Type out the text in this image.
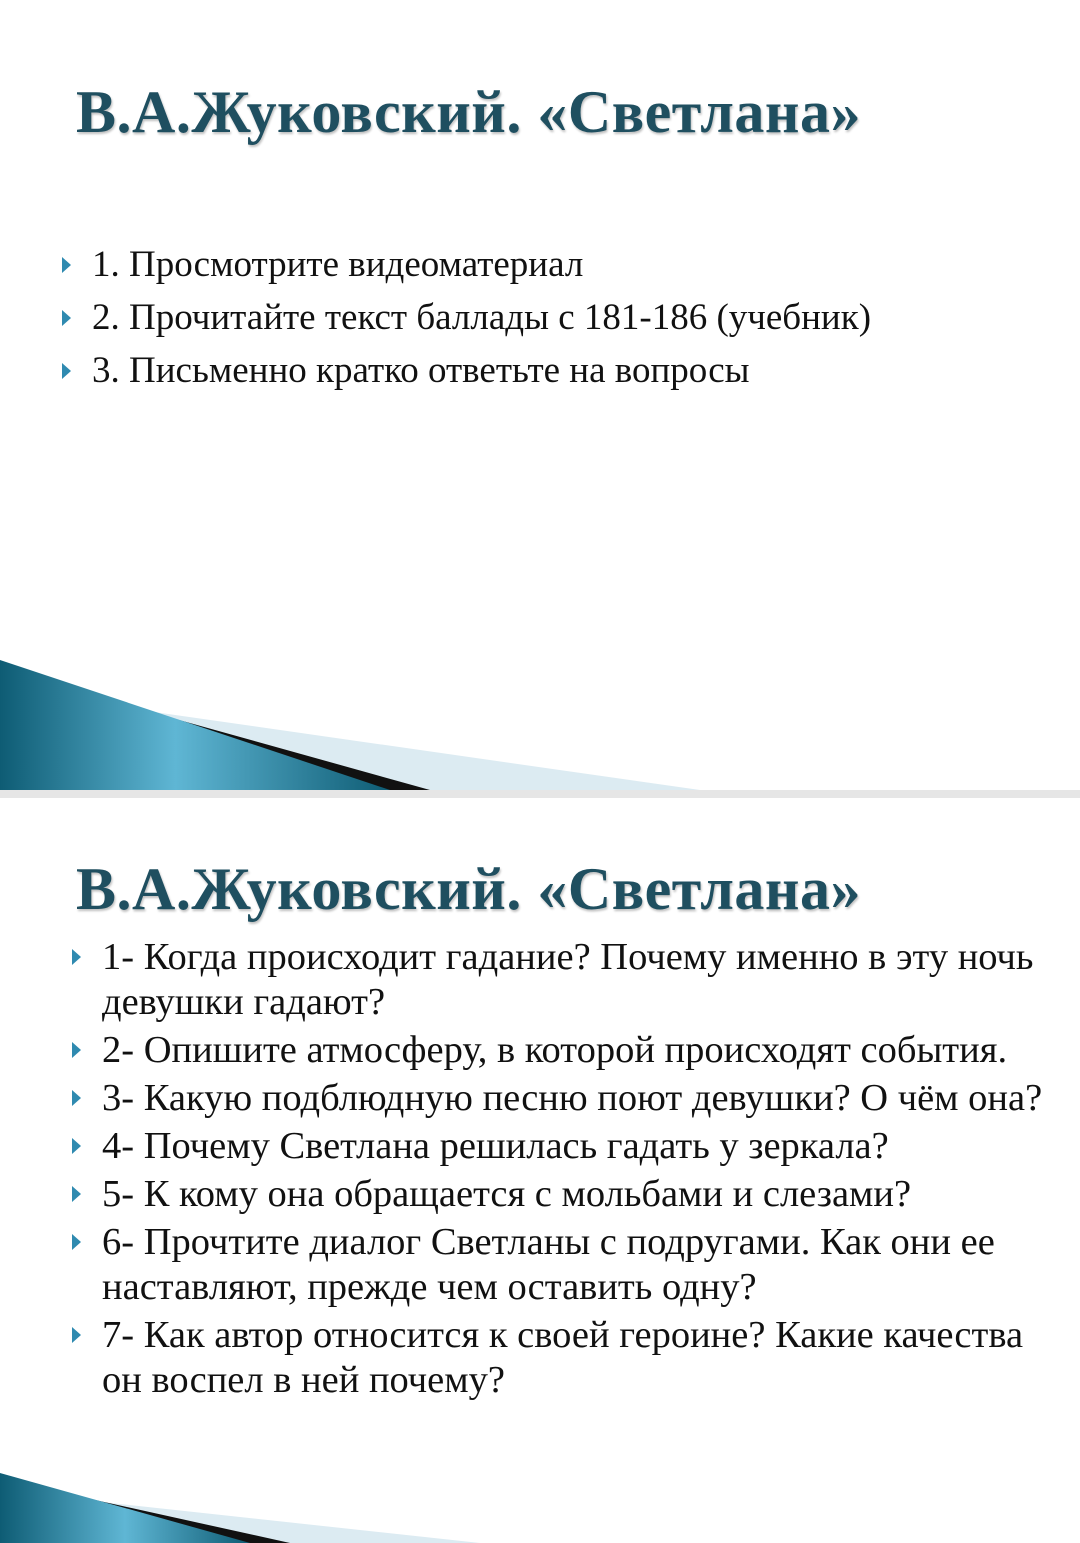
В.А.Жуковский. «Светлана»
1. Просмотрите видеоматериал
2. Прочитайте текст баллады с 181-186 (учебник)
3. Письменно кратко ответьте на вопросы
В.А.Жуковский. «Светлана»
1- Когда происходит гадание? Почему именно в эту ночь девушки гадают?
2- Опишите атмосферу, в которой происходят события.
3- Какую подблюдную песню поют девушки? О чём она?
4- Почему Светлана решилась гадать у зеркала?
5- К кому она обращается с мольбами и слезами?
6- Прочтите диалог Светланы с подругами. Как они ее наставляют, прежде чем оставить одну?
7- Как автор относится к своей героине? Какие качества он воспел в ней почему?
